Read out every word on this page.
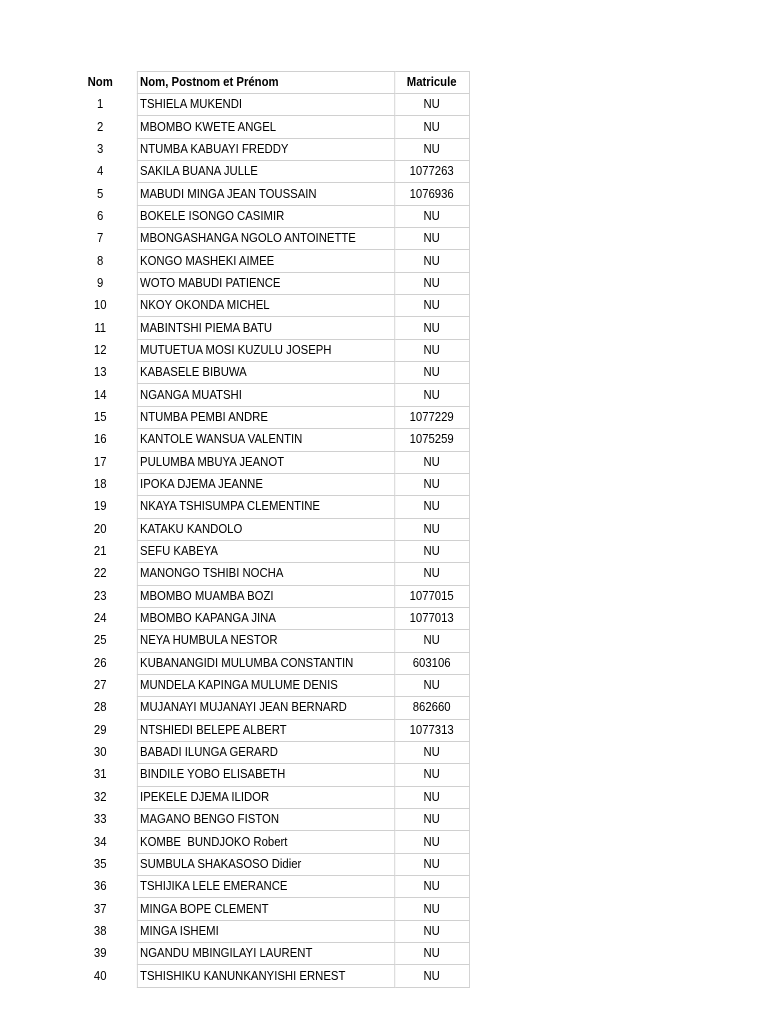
Nom	Nom, Postnom et Prénom	Matricule
1	TSHIELA MUKENDI	NU
2	MBOMBO KWETE ANGEL	NU
3	NTUMBA KABUAYI FREDDY	NU
4	SAKILA BUANA JULLE	1077263
5	MABUDI MINGA JEAN TOUSSAIN	1076936
6	BOKELE ISONGO CASIMIR	NU
7	MBONGASHANGA NGOLO ANTOINETTE	NU
8	KONGO MASHEKI AIMEE	NU
9	WOTO MABUDI PATIENCE	NU
10	NKOY OKONDA MICHEL	NU
11	MABINTSHI PIEMA BATU	NU
12	MUTUETUA MOSI KUZULU JOSEPH	NU
13	KABASELE BIBUWA	NU
14	NGANGA MUATSHI	NU
15	NTUMBA PEMBI ANDRE	1077229
16	KANTOLE WANSUA VALENTIN	1075259
17	PULUMBA MBUYA JEANOT	NU
18	IPOKA DJEMA JEANNE	NU
19	NKAYA TSHISUMPA CLEMENTINE	NU
20	KATAKU KANDOLO	NU
21	SEFU KABEYA	NU
22	MANONGO TSHIBI NOCHA	NU
23	MBOMBO MUAMBA BOZI	1077015
24	MBOMBO KAPANGA JINA	1077013
25	NEYA HUMBULA NESTOR	NU
26	KUBANANGIDI MULUMBA CONSTANTIN	603106
27	MUNDELA KAPINGA MULUME DENIS	NU
28	MUJANAYI MUJANAYI JEAN BERNARD	862660
29	NTSHIEDI BELEPE ALBERT	1077313
30	BABADI ILUNGA GERARD	NU
31	BINDILE YOBO ELISABETH	NU
32	IPEKELE DJEMA ILIDOR	NU
33	MAGANO BENGO FISTON	NU
34	KOMBE  BUNDJOKO Robert	NU
35	SUMBULA SHAKASOSO Didier	NU
36	TSHIJIKA LELE EMERANCE	NU
37	MINGA BOPE CLEMENT	NU
38	MINGA ISHEMI	NU
39	NGANDU MBINGILAYI LAURENT	NU
40	TSHISHIKU KANUNKANYISHI ERNEST	NU
